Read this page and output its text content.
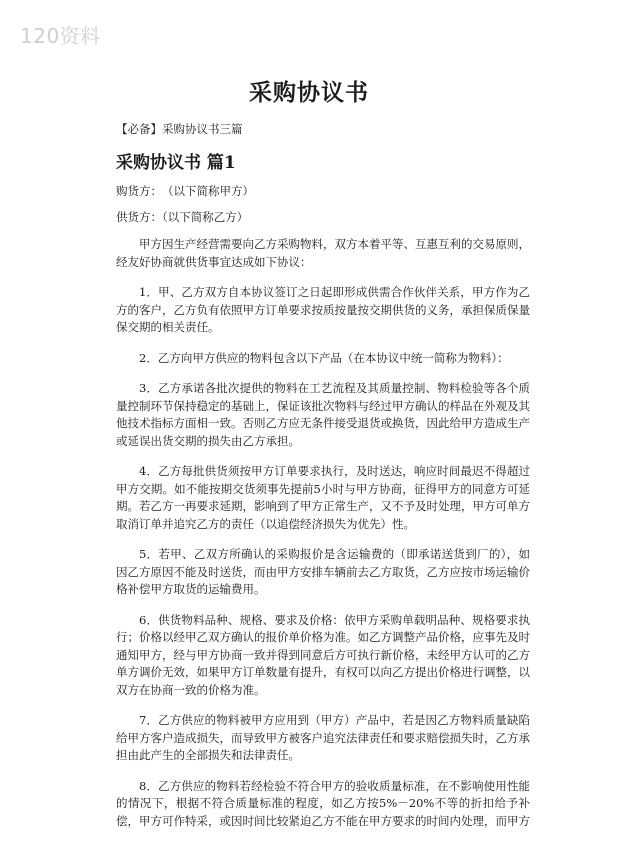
120资料
采购协议书
【必备】采购协议书三篇
采购协议书 篇1
购货方：　（以下简称甲方）
供货方：（以下简称乙方）

甲方因生产经营需要向乙方采购物料，双方本着平等、互惠互利的交易原则，经友好协商就供货事宜达成如下协议：

1．甲、乙方双方自本协议签订之日起即形成供需合作伙伴关系，甲方作为乙方的客户，乙方负有依照甲方订单要求按质按量按交期供货的义务，承担保质保量保交期的相关责任。

2．乙方向甲方供应的物料包含以下产品（在本协议中统一简称为物料）：

3．乙方承诺各批次提供的物料在工艺流程及其质量控制、物料检验等各个质量控制环节保持稳定的基础上，保证该批次物料与经过甲方确认的样品在外观及其他技术指标方面相一致。否则乙方应无条件接受退货或换货，因此给甲方造成生产或延误出货交期的损失由乙方承担。

4．乙方每批供货须按甲方订单要求执行，及时送达，响应时间最迟不得超过甲方交期。如不能按期交货须事先提前5小时与甲方协商，征得甲方的同意方可延期。若乙方一再要求延期，影响到了甲方正常生产，又不予及时处理，甲方可单方取消订单并追究乙方的责任（以追偿经济损失为优先）性。

5．若甲、乙双方所确认的采购报价是含运输费的（即承诺送货到厂的），如因乙方原因不能及时送货，而由甲方安排车辆前去乙方取货，乙方应按市场运输价格补偿甲方取货的运输费用。

6．供货物料品种、规格、要求及价格：依甲方采购单载明品种、规格要求执行；价格以经甲乙双方确认的报价单价格为准。如乙方调整产品价格，应事先及时通知甲方，经与甲方协商一致并得到同意后方可执行新价格，未经甲方认可的乙方单方调价无效，如果甲方订单数量有提升，有权可以向乙方提出价格进行调整，以双方在协商一致的价格为准。

7．乙方供应的物料被甲方应用到（甲方）产品中，若是因乙方物料质量缺陷给甲方客户造成损失，而导致甲方被客户追究法律责任和要求赔偿损失时，乙方承担由此产生的全部损失和法律责任。

8．乙方供应的物料若经检验不符合甲方的验收质量标准，在不影响使用性能的情况下，根据不符合质量标准的程度，如乙方按5%－20%不等的折扣给予补偿，甲方可作特采，或因时间比较紧迫乙方不能在甲方要求的时间内处理，而甲方
